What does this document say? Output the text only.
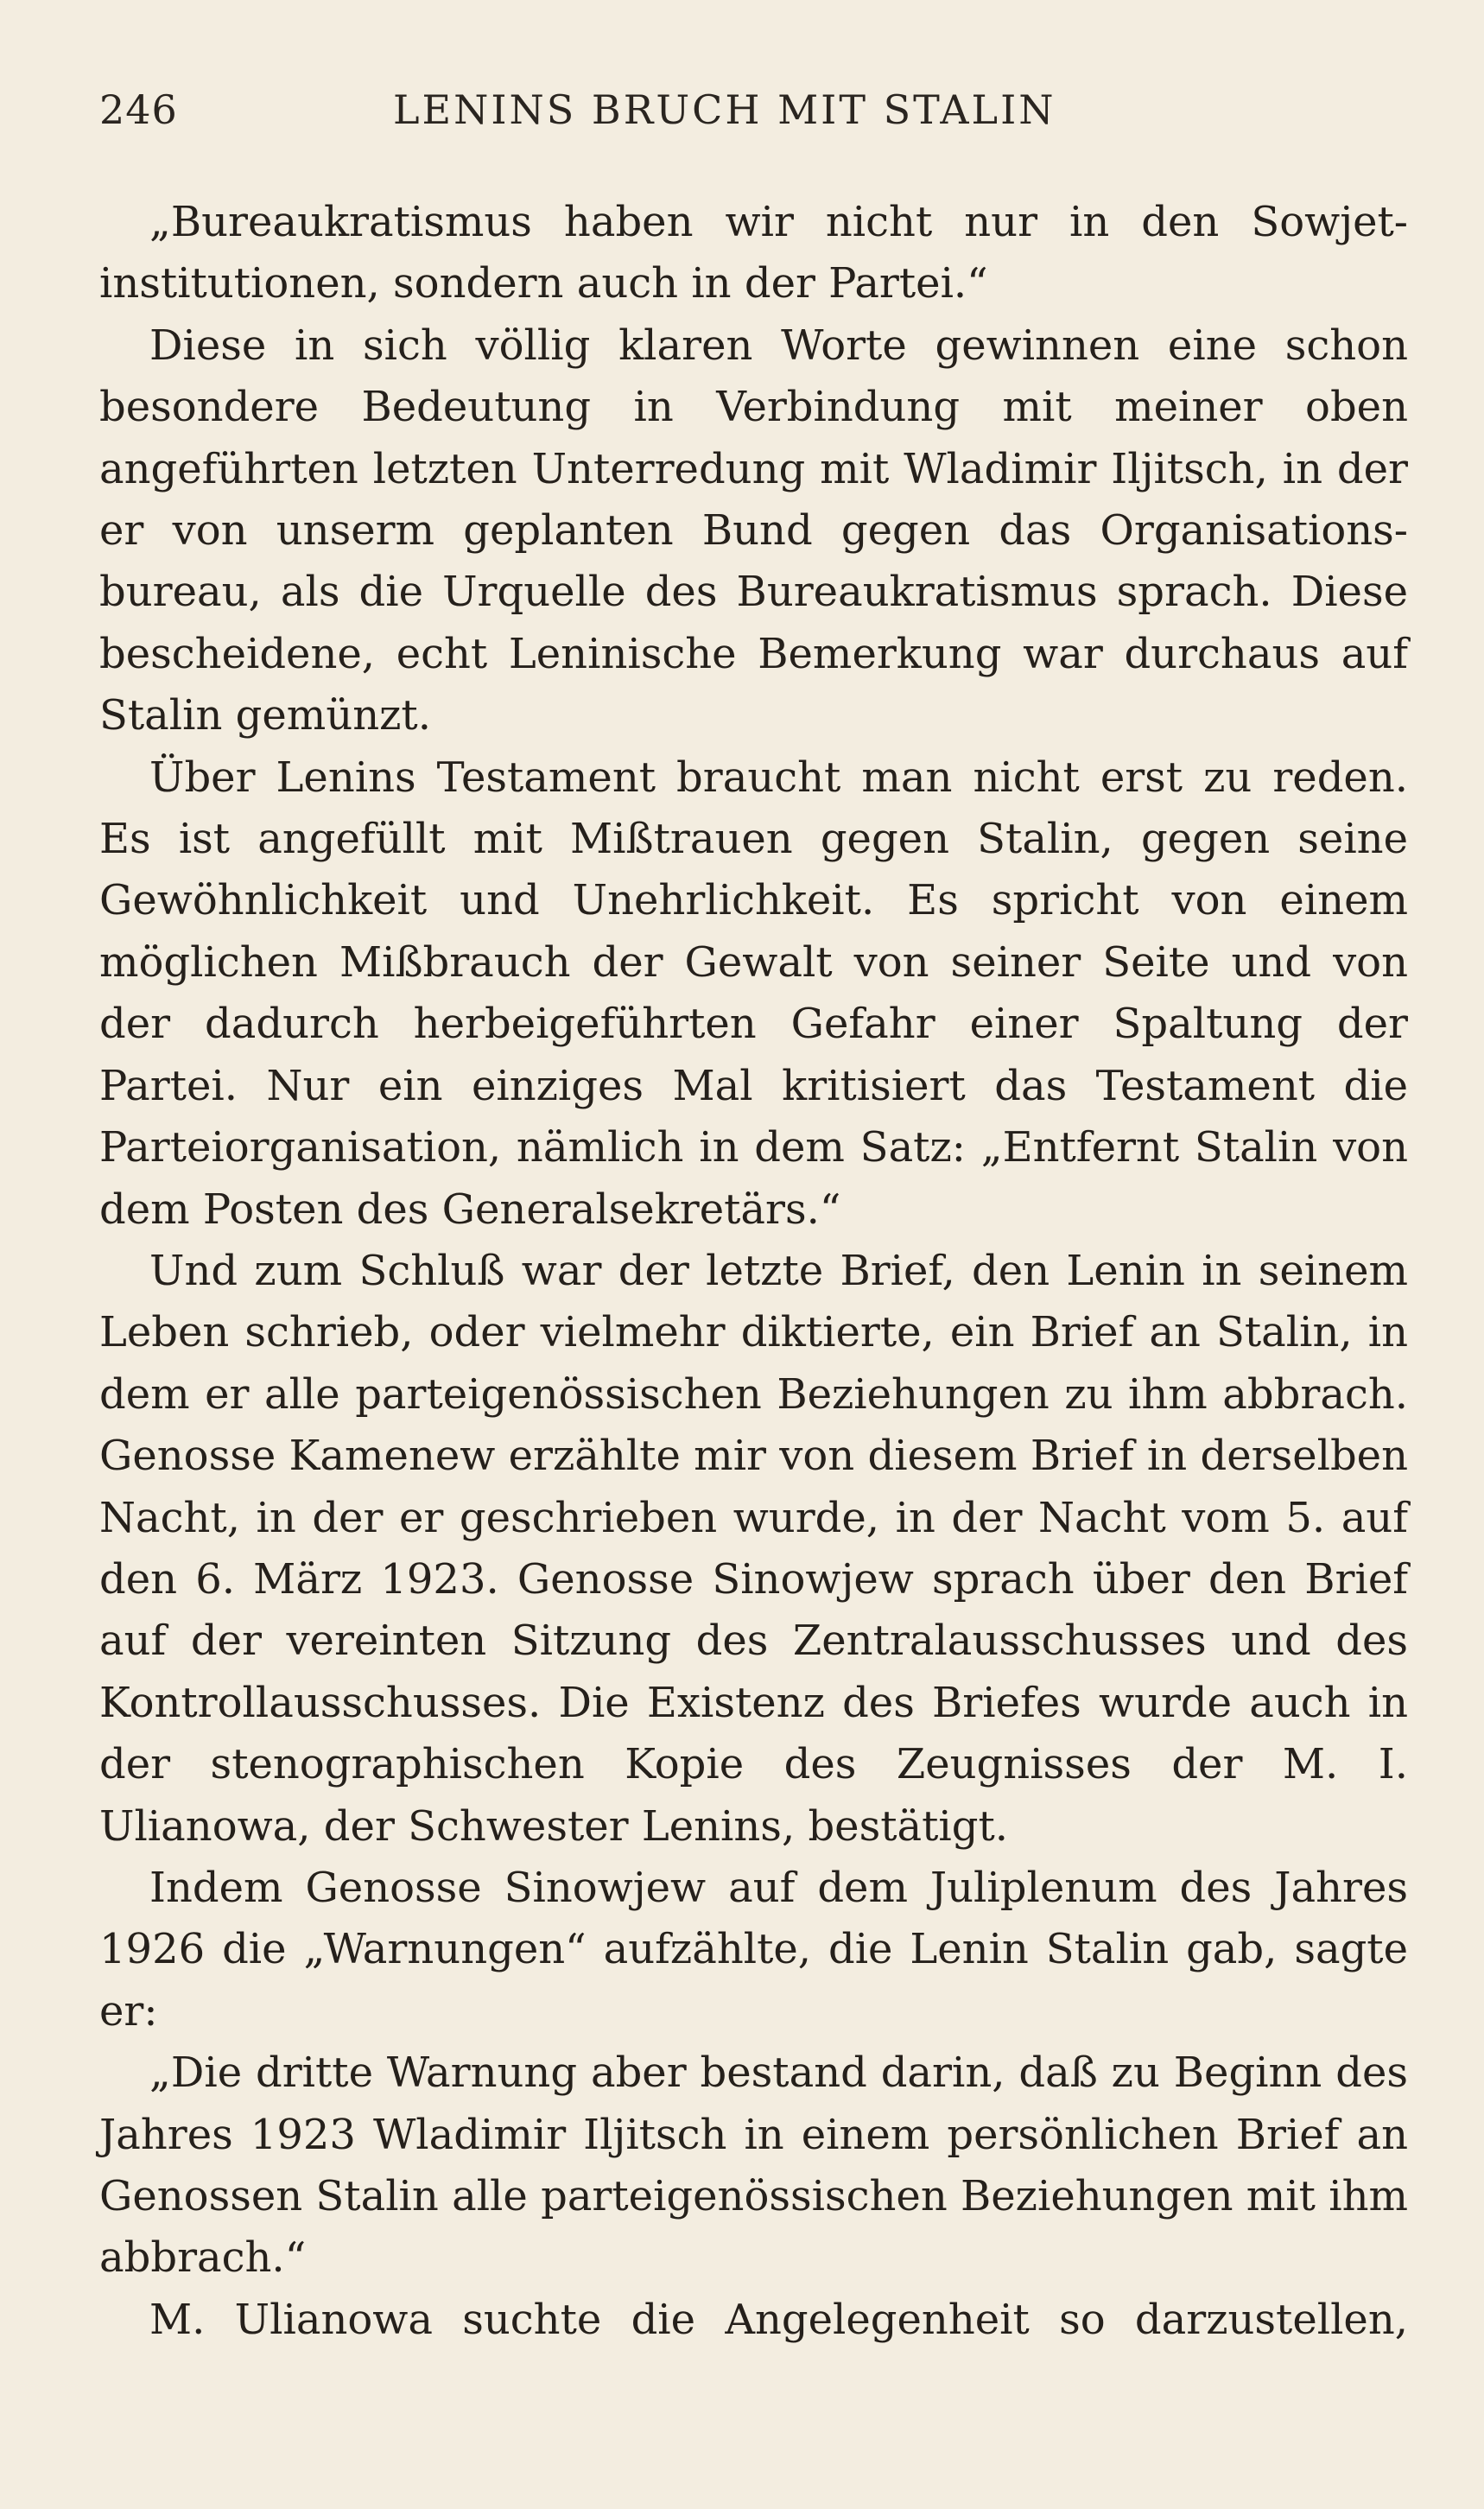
246	LENINS BRUCH MIT STALIN

„Bureaukratismus haben wir nicht nur in den Sowjet-institutionen, sondern auch in der Partei.“

Diese in sich völlig klaren Worte gewinnen eine schon besondere Bedeutung in Verbindung mit meiner oben angeführten letzten Unterredung mit Wladimir Iljitsch, in der er von unserm geplanten Bund gegen das Organisations-bureau, als die Urquelle des Bureaukratismus sprach. Diese bescheidene, echt Leninische Bemerkung war durchaus auf Stalin gemünzt.

Über Lenins Testament braucht man nicht erst zu reden. Es ist angefüllt mit Mißtrauen gegen Stalin, gegen seine Gewöhnlichkeit und Unehrlichkeit. Es spricht von einem möglichen Mißbrauch der Gewalt von seiner Seite und von der dadurch herbeigeführten Gefahr einer Spaltung der Partei. Nur ein einziges Mal kritisiert das Testament die Parteiorganisation, nämlich in dem Satz: „Entfernt Stalin von dem Posten des Generalsekretärs.“

Und zum Schluß war der letzte Brief, den Lenin in seinem Leben schrieb, oder vielmehr diktierte, ein Brief an Stalin, in dem er alle parteigenössischen Beziehungen zu ihm abbrach. Genosse Kamenew erzählte mir von diesem Brief in derselben Nacht, in der er geschrieben wurde, in der Nacht vom 5. auf den 6. März 1923. Genosse Sinowjew sprach über den Brief auf der vereinten Sitzung des Zentralausschusses und des Kontrollausschusses. Die Existenz des Briefes wurde auch in der stenographischen Kopie des Zeugnisses der M. I. Ulianowa, der Schwester Lenins, bestätigt.

Indem Genosse Sinowjew auf dem Juliplenum des Jahres 1926 die „Warnungen“ aufzählte, die Lenin Stalin gab, sagte er:

„Die dritte Warnung aber bestand darin, daß zu Beginn des Jahres 1923 Wladimir Iljitsch in einem persönlichen Brief an Genossen Stalin alle parteigenössischen Beziehungen mit ihm abbrach.“

M. Ulianowa suchte die Angelegenheit so darzustellen,
